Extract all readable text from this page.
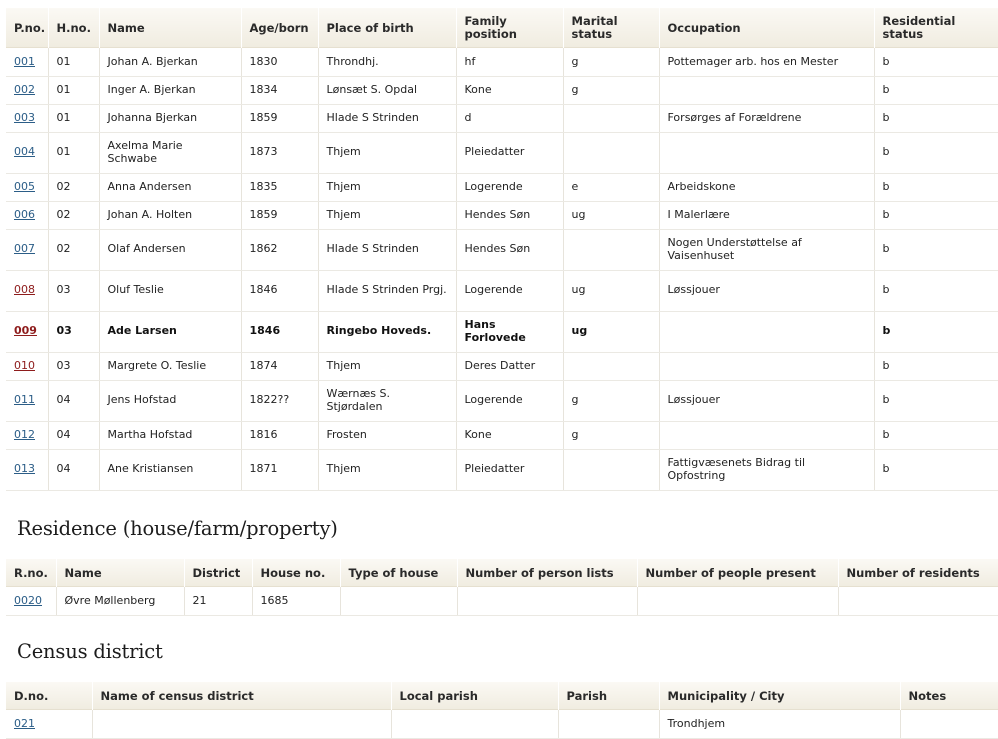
P.no.	H.no.	Name	Age/born	Place of birth	Family position	Marital status	Occupation	Residential status
001	01	Johan A. Bjerkan	1830	Throndhj.	hf	g	Pottemager arb. hos en Mester	b
002	01	Inger A. Bjerkan	1834	Lønsæt S. Opdal	Kone	g		b
003	01	Johanna Bjerkan	1859	Hlade S Strinden	d		Forsørges af Forældrene	b
004	01	Axelma Marie Schwabe	1873	Thjem	Pleiedatter			b
005	02	Anna Andersen	1835	Thjem	Logerende	e	Arbeidskone	b
006	02	Johan A. Holten	1859	Thjem	Hendes Søn	ug	I Malerlære	b
007	02	Olaf Andersen	1862	Hlade S Strinden	Hendes Søn		Nogen Understøttelse af Vaisenhuset	b
008	03	Oluf Teslie	1846	Hlade S Strinden Prgj.	Logerende	ug	Løssjouer	b
009	03	Ade Larsen	1846	Ringebo Hoveds.	Hans Forlovede	ug		b
010	03	Margrete O. Teslie	1874	Thjem	Deres Datter			b
011	04	Jens Hofstad	1822??	Wærnæs S. Stjørdalen	Logerende	g	Løssjouer	b
012	04	Martha Hofstad	1816	Frosten	Kone	g		b
013	04	Ane Kristiansen	1871	Thjem	Pleiedatter		Fattigvæsenets Bidrag til Opfostring	b
Residence (house/farm/property)
R.no.	Name	District	House no.	Type of house	Number of person lists	Number of people present	Number of residents
0020	Øvre Møllenberg	21	1685				
Census district
D.no.	Name of census district	Local parish	Parish	Municipality / City	Notes
021				Trondhjem	
